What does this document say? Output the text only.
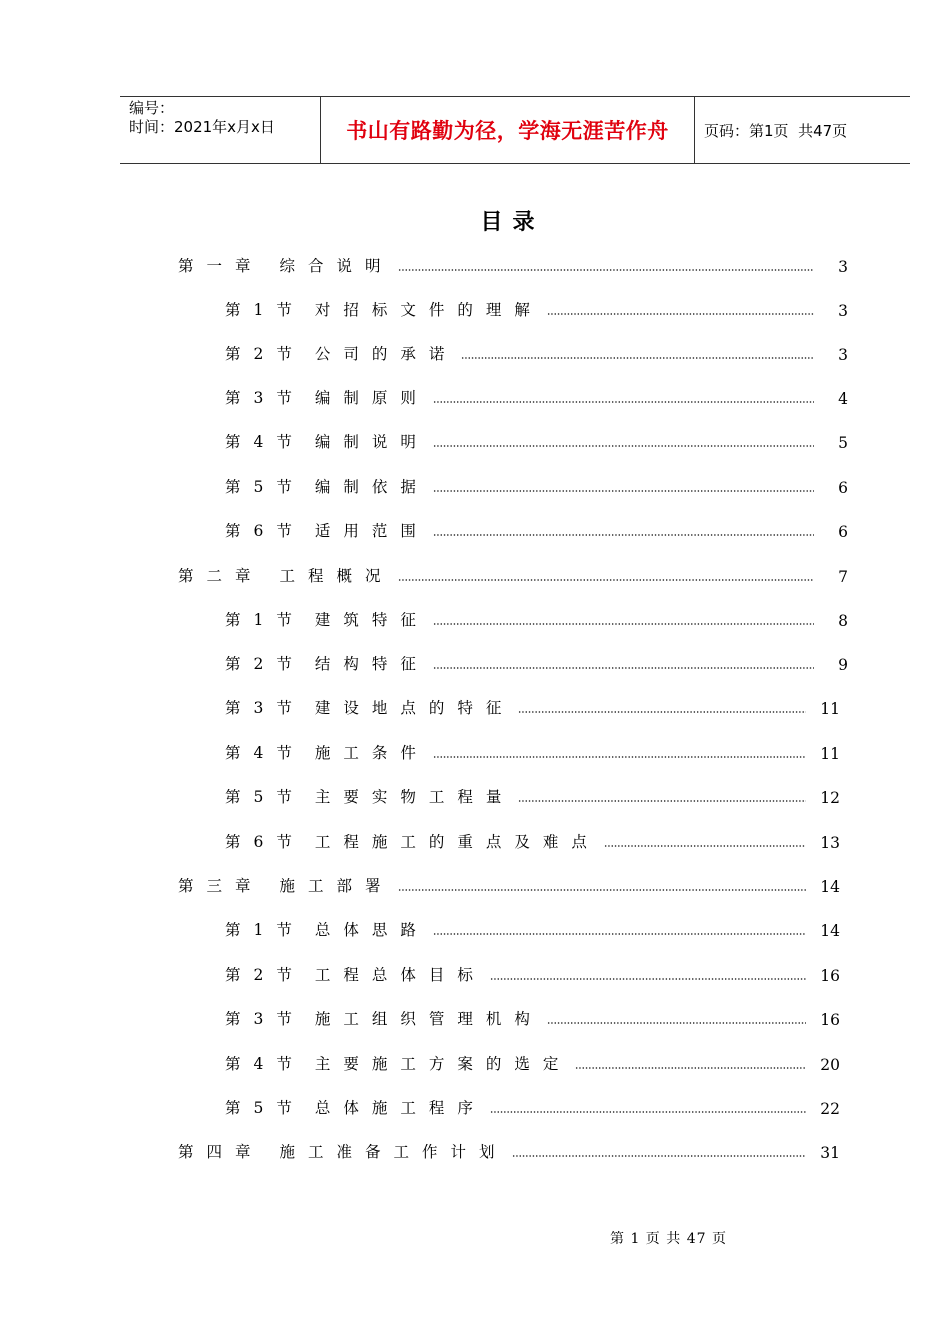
编号：
时间：2021年x月x日	书山有路勤为径，学海无涯苦作舟	页码：第1页  共47页
目录
第一章 综合说明	3
第1节 对招标文件的理解	3
第2节 公司的承诺	3
第3节 编制原则	4
第4节 编制说明	5
第5节 编制依据	6
第6节 适用范围	6
第二章 工程概况	7
第1节 建筑特征	8
第2节 结构特征	9
第3节 建设地点的特征	11
第4节 施工条件	11
第5节 主要实物工程量	12
第6节 工程施工的重点及难点	13
第三章 施工部署	14
第1节 总体思路	14
第2节 工程总体目标	16
第3节 施工组织管理机构	16
第4节 主要施工方案的选定	20
第5节 总体施工程序	22
第四章 施工准备工作计划	31
第 1 页 共 47 页
